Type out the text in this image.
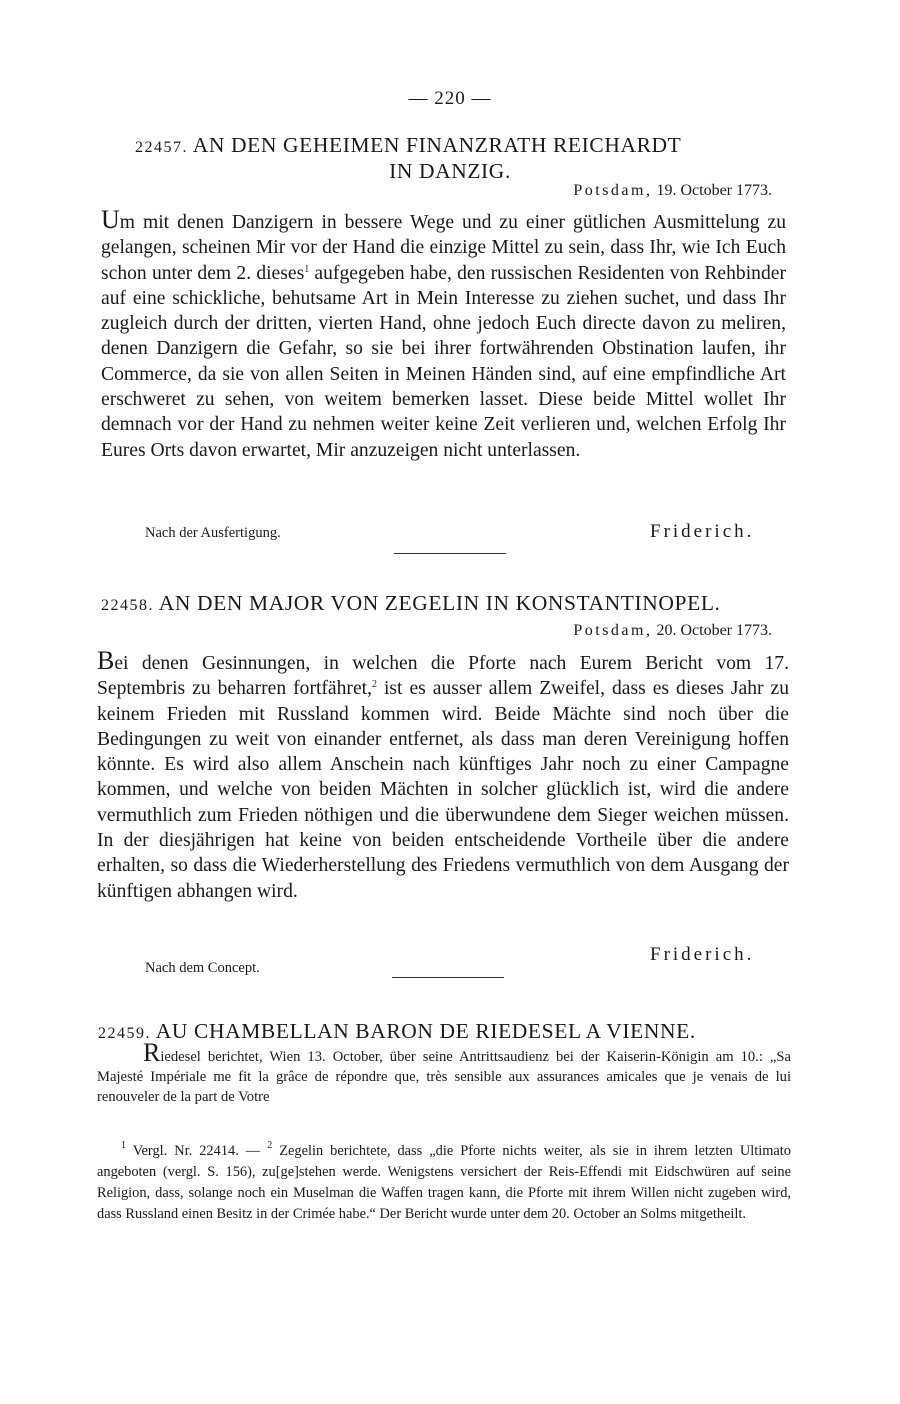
— 220 —
22457. AN DEN GEHEIMEN FINANZRATH REICHARDT
IN DANZIG.
Potsdam, 19. October 1773.
Um mit denen Danzigern in bessere Wege und zu einer gütlichen Ausmittelung zu gelangen, scheinen Mir vor der Hand die einzige Mittel zu sein, dass Ihr, wie Ich Euch schon unter dem 2. dieses$^1$ aufgegeben habe, den russischen Residenten von Rehbinder auf eine schickliche, behutsame Art in Mein Interesse zu ziehen suchet, und dass Ihr zugleich durch der dritten, vierten Hand, ohne jedoch Euch directe davon zu meliren, denen Danzigern die Gefahr, so sie bei ihrer fortwährenden Obstination laufen, ihr Commerce, da sie von allen Seiten in Meinen Händen sind, auf eine empfindliche Art erschweret zu sehen, von weitem bemerken lasset. Diese beide Mittel wollet Ihr demnach vor der Hand zu nehmen weiter keine Zeit verlieren und, welchen Erfolg Ihr Eures Orts davon erwartet, Mir anzuzeigen nicht unterlassen.
Nach der Ausfertigung.	Friderich.
22458. AN DEN MAJOR VON ZEGELIN IN KONSTANTINOPEL.
Potsdam, 20. October 1773.
Bei denen Gesinnungen, in welchen die Pforte nach Eurem Bericht vom 17. Septembris zu beharren fortfähret,$^2$ ist es ausser allem Zweifel, dass es dieses Jahr zu keinem Frieden mit Russland kommen wird. Beide Mächte sind noch über die Bedingungen zu weit von einander entfernet, als dass man deren Vereinigung hoffen könnte. Es wird also allem Anschein nach künftiges Jahr noch zu einer Campagne kommen, und welche von beiden Mächten in solcher glücklich ist, wird die andere vermuthlich zum Frieden nöthigen und die überwundene dem Sieger weichen müssen. In der diesjährigen hat keine von beiden entscheidende Vortheile über die andere erhalten, so dass die Wiederherstellung des Friedens vermuthlich von dem Ausgang der künftigen abhangen wird.
Nach dem Concept.
Friderich.
22459. AU CHAMBELLAN BARON DE RIEDESEL A VIENNE.
Riedesel berichtet, Wien 13. October, über seine Antrittsaudienz bei der Kaiserin-Königin am 10.: „Sa Majesté Impériale me fit la grâce de répondre que, très sensible aux assurances amicales que je venais de lui renouveler de la part de Votre

$^1$ Vergl. Nr. 22414. — $^2$ Zegelin berichtete, dass „die Pforte nichts weiter, als sie in ihrem letzten Ultimato angeboten (vergl. S. 156), zu[ge]stehen werde. Wenigstens versichert der Reis-Effendi mit Eidschwüren auf seine Religion, dass, solange noch ein Muselman die Waffen tragen kann, die Pforte mit ihrem Willen nicht zugeben wird, dass Russland einen Besitz in der Crimée habe.“ Der Bericht wurde unter dem 20. October an Solms mitgetheilt.
